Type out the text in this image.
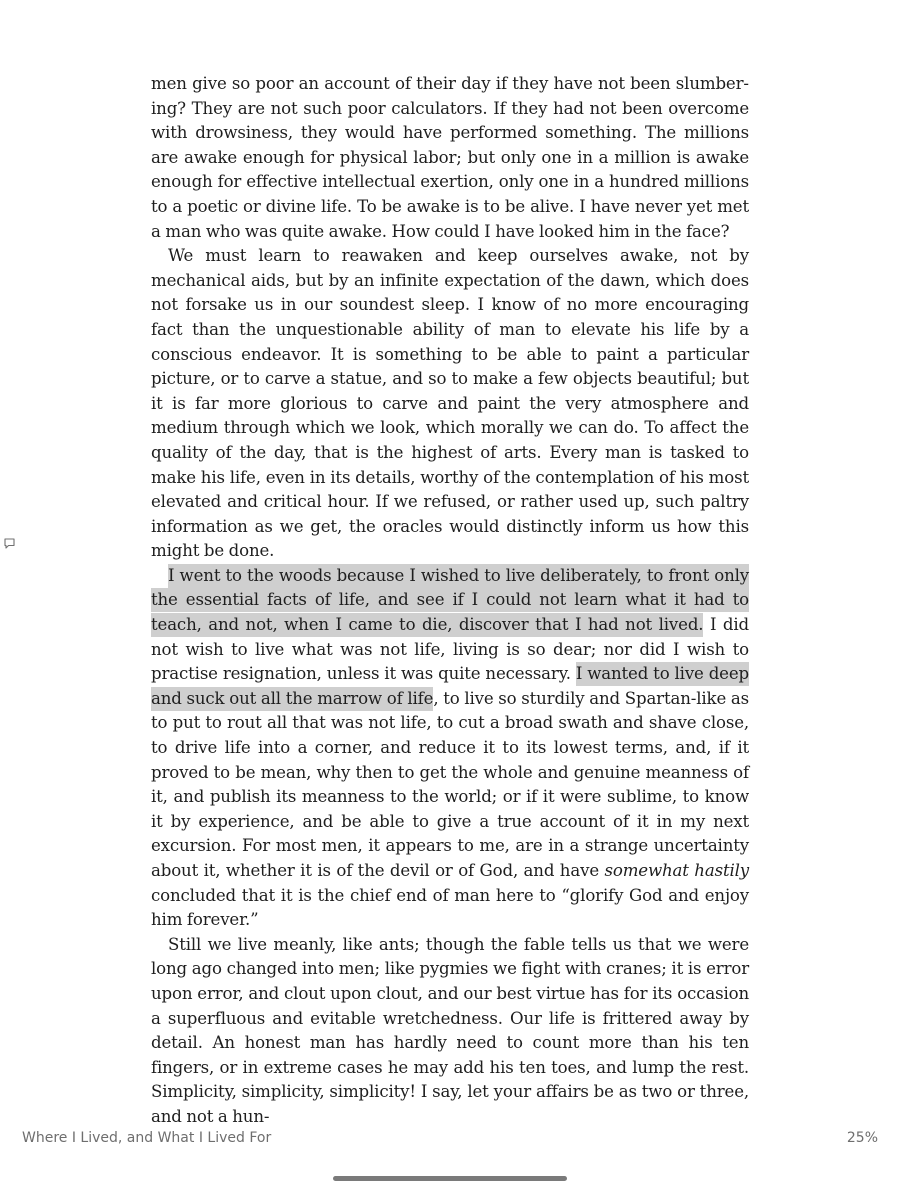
men give so poor an account of their day if they have not been slumbering? They are not such poor calculators. If they had not been overcome with drowsiness, they would have performed something. The millions are awake enough for physical labor; but only one in a million is awake enough for effective intellectual exertion, only one in a hundred millions to a poetic or divine life. To be awake is to be alive. I have never yet met a man who was quite awake. How could I have looked him in the face?

We must learn to reawaken and keep ourselves awake, not by mechanical aids, but by an infinite expectation of the dawn, which does not forsake us in our soundest sleep. I know of no more encouraging fact than the unquestionable ability of man to elevate his life by a conscious endeavor. It is something to be able to paint a particular picture, or to carve a statue, and so to make a few objects beautiful; but it is far more glorious to carve and paint the very atmosphere and medium through which we look, which morally we can do. To affect the quality of the day, that is the highest of arts. Every man is tasked to make his life, even in its details, worthy of the contemplation of his most elevated and critical hour. If we refused, or rather used up, such paltry information as we get, the oracles would distinctly inform us how this might be done.

I went to the woods because I wished to live deliberately, to front only the essential facts of life, and see if I could not learn what it had to teach, and not, when I came to die, discover that I had not lived. I did not wish to live what was not life, living is so dear; nor did I wish to practise resignation, unless it was quite necessary. I wanted to live deep and suck out all the marrow of life, to live so sturdily and Spartan-like as to put to rout all that was not life, to cut a broad swath and shave close, to drive life into a corner, and reduce it to its lowest terms, and, if it proved to be mean, why then to get the whole and genuine meanness of it, and publish its meanness to the world; or if it were sublime, to know it by experience, and be able to give a true account of it in my next excursion. For most men, it appears to me, are in a strange uncertainty about it, whether it is of the devil or of God, and have somewhat hastily concluded that it is the chief end of man here to “glorify God and enjoy him forever.”

Still we live meanly, like ants; though the fable tells us that we were long ago changed into men; like pygmies we fight with cranes; it is error upon error, and clout upon clout, and our best virtue has for its occasion a superfluous and evitable wretchedness. Our life is frittered away by detail. An honest man has hardly need to count more than his ten fingers, or in extreme cases he may add his ten toes, and lump the rest. Simplicity, simplicity, simplicity! I say, let your affairs be as two or three, and not a hun-

Where I Lived, and What I Lived For	25%
